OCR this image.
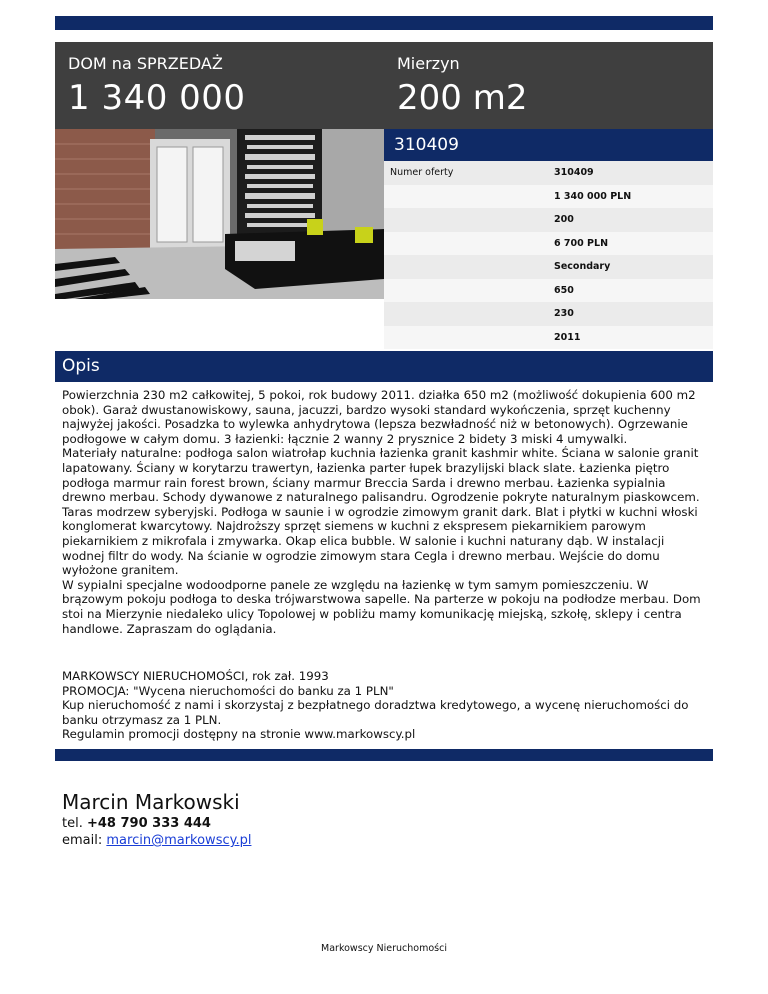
DOM na SPRZEDAŻ
1 340 000
Mierzyn
200 m2
310409
Numer oferty	310409
1 340 000 PLN
200
6 700 PLN
Secondary
650
230
2011
Opis

Powierzchnia 230 m2 całkowitej, 5 pokoi, rok budowy 2011. działka 650 m2 (możliwość dokupienia 600 m2 obok). Garaż dwustanowiskowy, sauna, jacuzzi, bardzo wysoki standard wykończenia, sprzęt kuchenny najwyżej jakości. Posadzka to wylewka anhydrytowa (lepsza bezwładność niż w betonowych). Ogrzewanie podłogowe w całym domu. 3 łazienki: łącznie 2 wanny 2 prysznice 2 bidety 3 miski 4 umywalki.

Materiały naturalne: podłoga salon wiatrołap kuchnia łazienka granit kashmir white. Ściana w salonie granit lapatowany. Ściany w korytarzu trawertyn, łazienka parter łupek brazylijski black slate. Łazienka piętro podłoga marmur rain forest brown, ściany marmur Breccia Sarda i drewno merbau. Łazienka sypialnia drewno merbau. Schody dywanowe z naturalnego palisandru. Ogrodzenie pokryte naturalnym piaskowcem. Taras modrzew syberyjski. Podłoga w saunie i w ogrodzie zimowym granit dark. Blat i płytki w kuchni włoski konglomerat kwarcytowy. Najdroższy sprzęt siemens w kuchni z ekspresem piekarnikiem parowym piekarnikiem z mikrofala i zmywarka. Okap elica bubble. W salonie i kuchni naturany dąb. W instalacji wodnej filtr do wody. Na ścianie w ogrodzie zimowym stara Cegla i drewno merbau. Wejście do domu wyłożone granitem.

W sypialni specjalne wodoodporne panele ze względu na łazienkę w tym samym pomieszczeniu. W brązowym pokoju podłoga to deska trójwarstwowa sapelle. Na parterze w pokoju na podłodze merbau. Dom stoi na Mierzynie niedaleko ulicy Topolowej w pobliżu mamy komunikację miejską, szkołę, sklepy i centra handlowe. Zapraszam do oglądania.

MARKOWSCY NIERUCHOMOŚCI, rok zał. 1993

PROMOCJA: "Wycena nieruchomości do banku za 1 PLN"

Kup nieruchomość z nami i skorzystaj z bezpłatnego doradztwa kredytowego, a wycenę nieruchomości do banku otrzymasz za 1 PLN.

Regulamin promocji dostępny na stronie www.markowscy.pl

Marcin Markowski
tel. +48 790 333 444
email: marcin@markowscy.pl
Markowscy Nieruchomości
